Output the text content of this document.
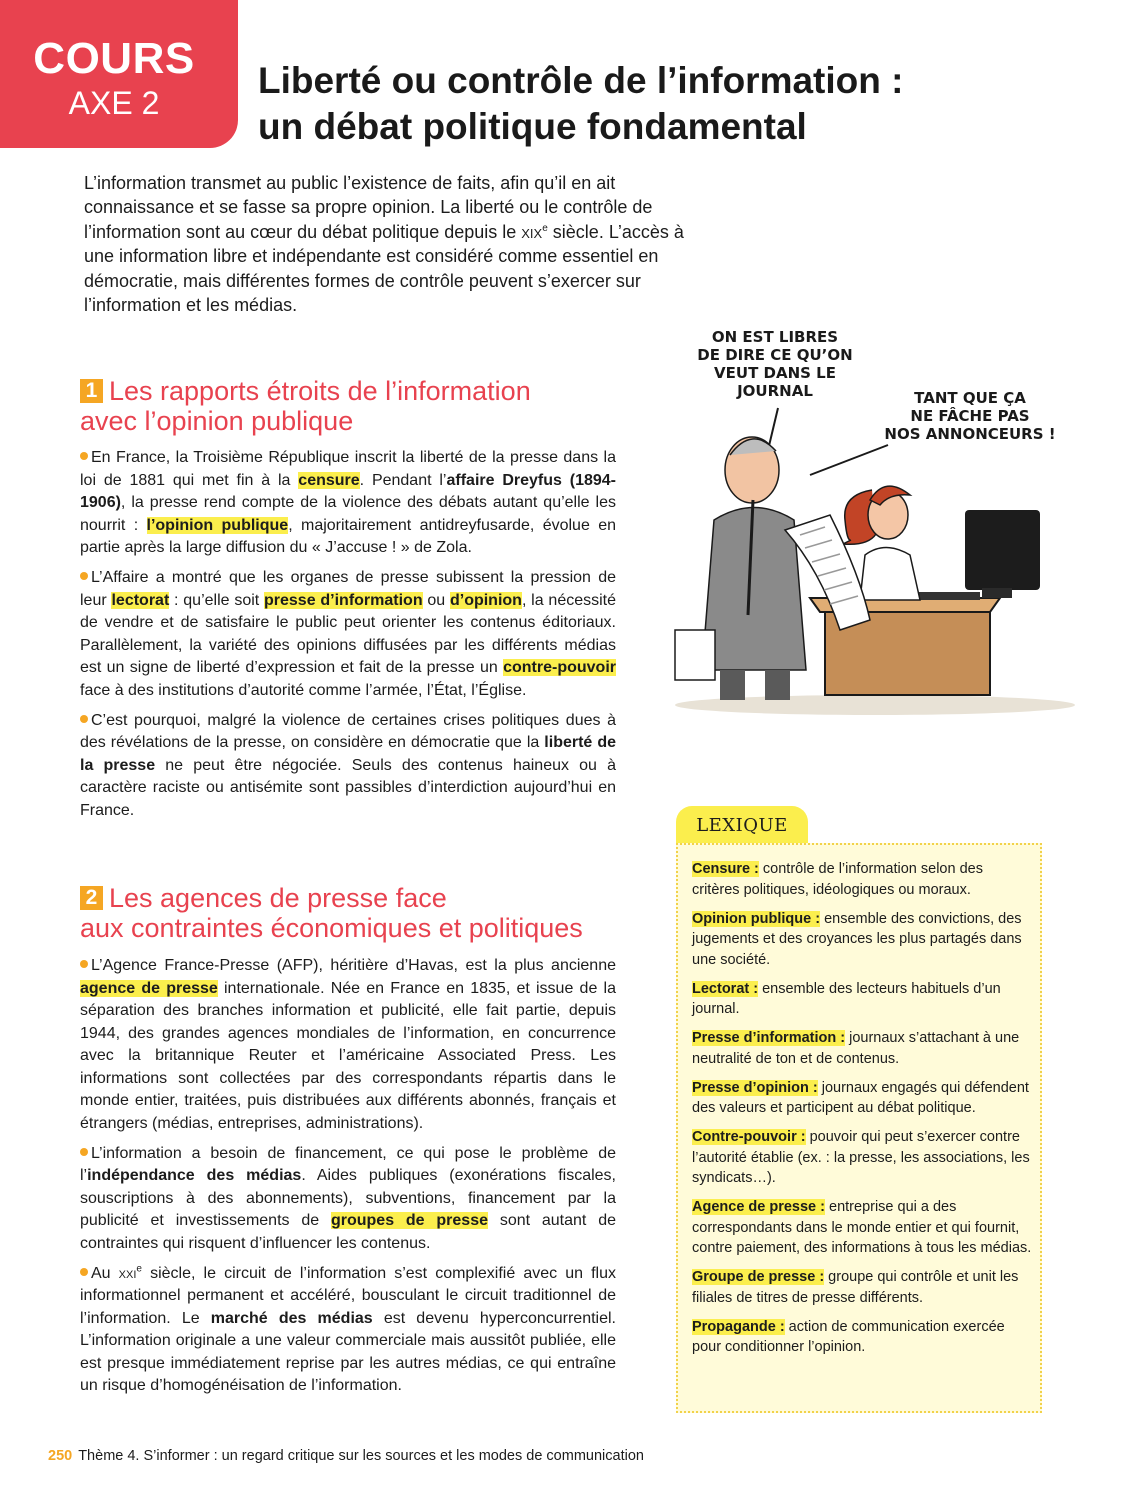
COURS
AXE 2
Liberté ou contrôle de l’information :
un débat politique fondamental
L’information transmet au public l’existence de faits, afin qu’il en ait connaissance et se fasse sa propre opinion. La liberté ou le contrôle de l’information sont au cœur du débat politique depuis le xix$^e$ siècle. L’accès à une information libre et indépendante est considéré comme essentiel en démocratie, mais différentes formes de contrôle peuvent s’exercer sur l’information et les médias.
1 Les rapports étroits de l’information
avec l’opinion publique

En France, la Troisième République inscrit la liberté de la presse dans la loi de 1881 qui met fin à la censure. Pendant l’affaire Dreyfus (1894-1906), la presse rend compte de la violence des débats autant qu’elle les nourrit : l’opinion publique, majoritairement antidreyfusarde, évolue en partie après la large diffusion du « J’accuse ! » de Zola.

L’Affaire a montré que les organes de presse subissent la pression de leur lectorat : qu’elle soit presse d’information ou d’opinion, la nécessité de vendre et de satisfaire le public peut orienter les contenus éditoriaux. Parallèlement, la variété des opinions diffusées par les différents médias est un signe de liberté d’expression et fait de la presse un contre-pouvoir face à des institutions d’autorité comme l’armée, l’État, l’Église.

C’est pourquoi, malgré la violence de certaines crises politiques dues à des révélations de la presse, on considère en démocratie que la liberté de la presse ne peut être négociée. Seuls des contenus haineux ou à caractère raciste ou antisémite sont passibles d’interdiction aujourd’hui en France.

2 Les agences de presse face
aux contraintes économiques et politiques

L’Agence France-Presse (AFP), héritière d’Havas, est la plus ancienne agence de presse internationale. Née en France en 1835, et issue de la séparation des branches information et publicité, elle fait partie, depuis 1944, des grandes agences mondiales de l’information, en concurrence avec la britannique Reuter et l’américaine Associated Press. Les informations sont collectées par des correspondants répartis dans le monde entier, traitées, puis distribuées aux différents abonnés, français et étrangers (médias, entreprises, administrations).

L’information a besoin de financement, ce qui pose le problème de l’indépendance des médias. Aides publiques (exonérations fiscales, souscriptions à des abonnements), subventions, financement par la publicité et investissements de groupes de presse sont autant de contraintes qui risquent d’influencer les contenus.

Au xxi$^e$ siècle, le circuit de l’information s’est complexifié avec un flux informationnel permanent et accéléré, bousculant le circuit traditionnel de l’information. Le marché des médias est devenu hyperconcurrentiel. L’information originale a une valeur commerciale mais aussitôt publiée, elle est presque immédiatement reprise par les autres médias, ce qui entraîne un risque d’homogénéisation de l’information.

ON EST LIBRES
DE DIRE CE QU’ON
VEUT DANS LE
JOURNAL	TANT QUE ÇA
NE FÂCHE PAS
NOS ANNONCEURS !
LEXIQUE

Censure : contrôle de l’information selon des critères politiques, idéologiques ou moraux.

Opinion publique : ensemble des convictions, des jugements et des croyances les plus partagés dans une société.

Lectorat : ensemble des lecteurs habituels d’un journal.

Presse d’information : journaux s’attachant à une neutralité de ton et de contenus.

Presse d’opinion : journaux engagés qui défendent des valeurs et participent au débat politique.

Contre-pouvoir : pouvoir qui peut s’exercer contre l’autorité établie (ex. : la presse, les associations, les syndicats…).

Agence de presse : entreprise qui a des correspondants dans le monde entier et qui fournit, contre paiement, des informations à tous les médias.

Groupe de presse : groupe qui contrôle et unit les filiales de titres de presse différents.

Propagande : action de communication exercée pour conditionner l’opinion.

250 Thème 4. S’informer : un regard critique sur les sources et les modes de communication
